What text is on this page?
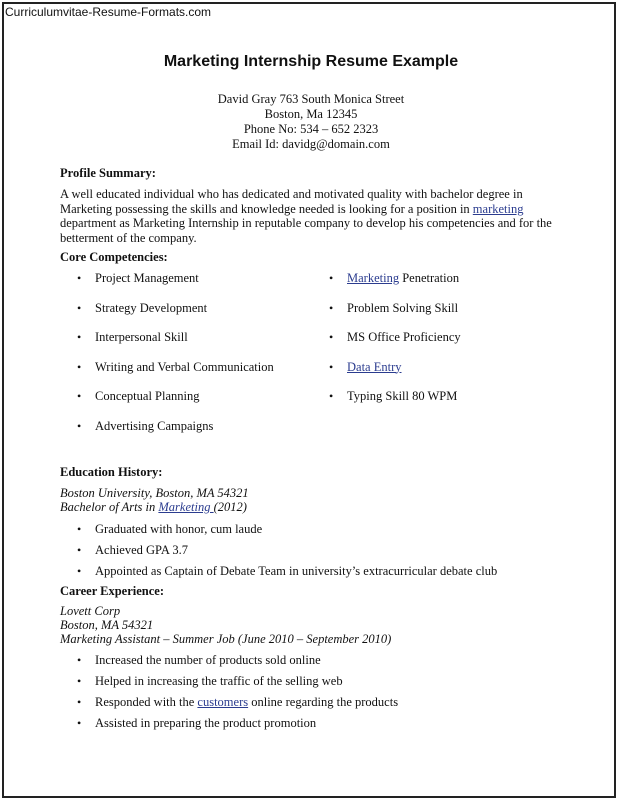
Curriculumvitae-Resume-Formats.com
Marketing Internship Resume Example
David Gray 763 South Monica Street
Boston, Ma 12345
Phone No: 534 – 652 2323
Email Id: davidg@domain.com
Profile Summary:
A well educated individual who has dedicated and motivated quality with bachelor degree in Marketing possessing the skills and knowledge needed is looking for a position in marketing department as Marketing Internship in reputable company to develop his competencies and for the betterment of the company.
Core Competencies:
• Project Management
• Strategy Development
• Interpersonal Skill
• Writing and Verbal Communication
• Conceptual Planning
• Advertising Campaigns
• Marketing Penetration
• Problem Solving Skill
• MS Office Proficiency
• Data Entry
• Typing Skill 80 WPM
Education History:
Boston University, Boston, MA 54321
Bachelor of Arts in Marketing (2012)
• Graduated with honor, cum laude
• Achieved GPA 3.7
• Appointed as Captain of Debate Team in university’s extracurricular debate club
Career Experience:
Lovett Corp
Boston, MA 54321
Marketing Assistant – Summer Job (June 2010 – September 2010)
• Increased the number of products sold online
• Helped in increasing the traffic of the selling web
• Responded with the customers online regarding the products
• Assisted in preparing the product promotion
